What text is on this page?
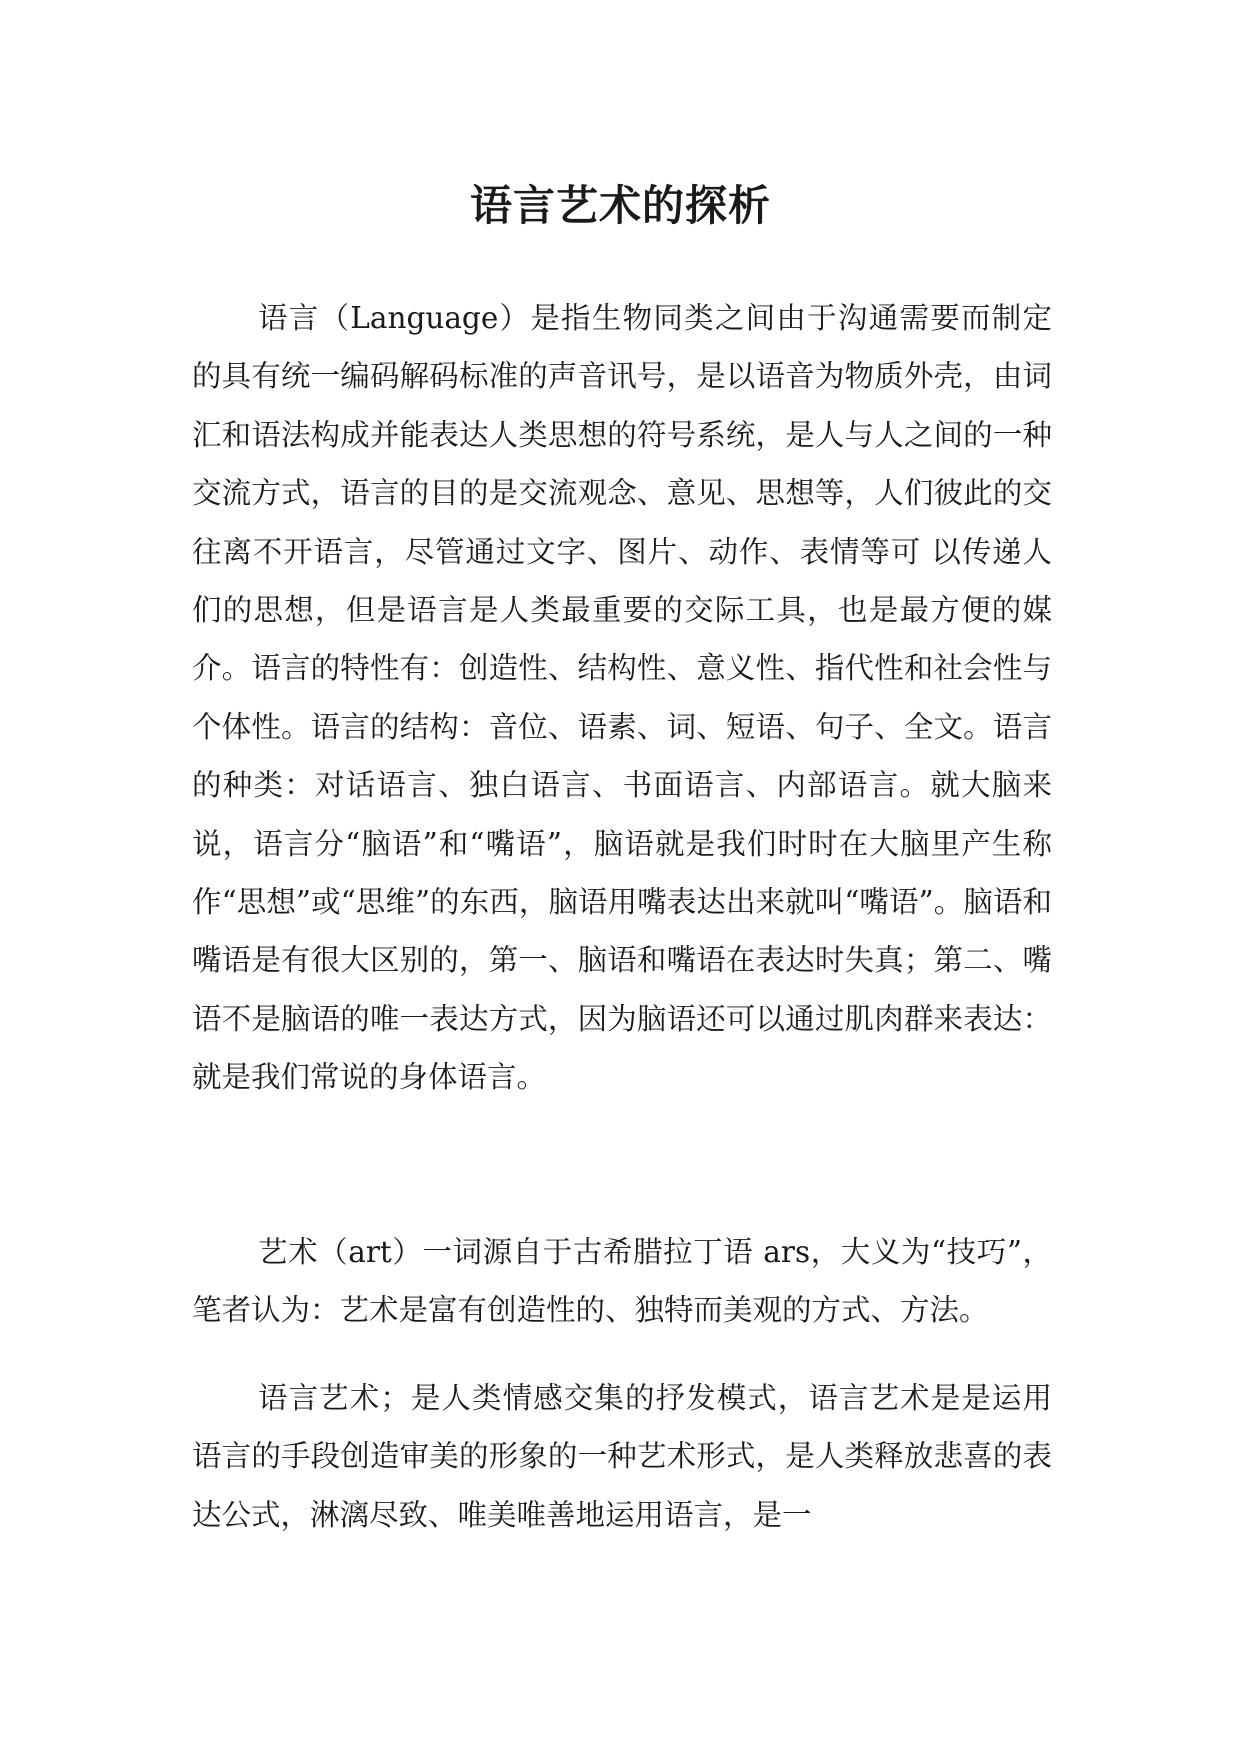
语言艺术的探析

语言（Language）是指生物同类之间由于沟通需要而制定的具有统一编码解码标准的声音讯号，是以语音为物质外壳，由词汇和语法构成并能表达人类思想的符号系统，是人与人之间的一种交流方式，语言的目的是交流观念、意见、思想等，人们彼此的交往离不开语言，尽管通过文字、图片、动作、表情等可 以传递人们的思想，但是语言是人类最重要的交际工具，也是最方便的媒介。语言的特性有：创造性、结构性、意义性、指代性和社会性与个体性。语言的结构：音位、语素、词、短语、句子、全文。语言的种类：对话语言、独白语言、书面语言、内部语言。就大脑来说，语言分“脑语”和“嘴语”，脑语就是我们时时在大脑里产生称作“思想”或“思维”的东西，脑语用嘴表达出来就叫“嘴语”。脑语和嘴语是有很大区别的，第一、脑语和嘴语在表达时失真；第二、嘴语不是脑语的唯一表达方式，因为脑语还可以通过肌肉群来表达：就是我们常说的身体语言。

艺术（art）一词源自于古希腊拉丁语 ars，大义为“技巧”，笔者认为：艺术是富有创造性的、独特而美观的方式、方法。

语言艺术；是人类情感交集的抒发模式，语言艺术是是运用语言的手段创造审美的形象的一种艺术形式，是人类释放悲喜的表达公式，淋漓尽致、唯美唯善地运用语言，是一
